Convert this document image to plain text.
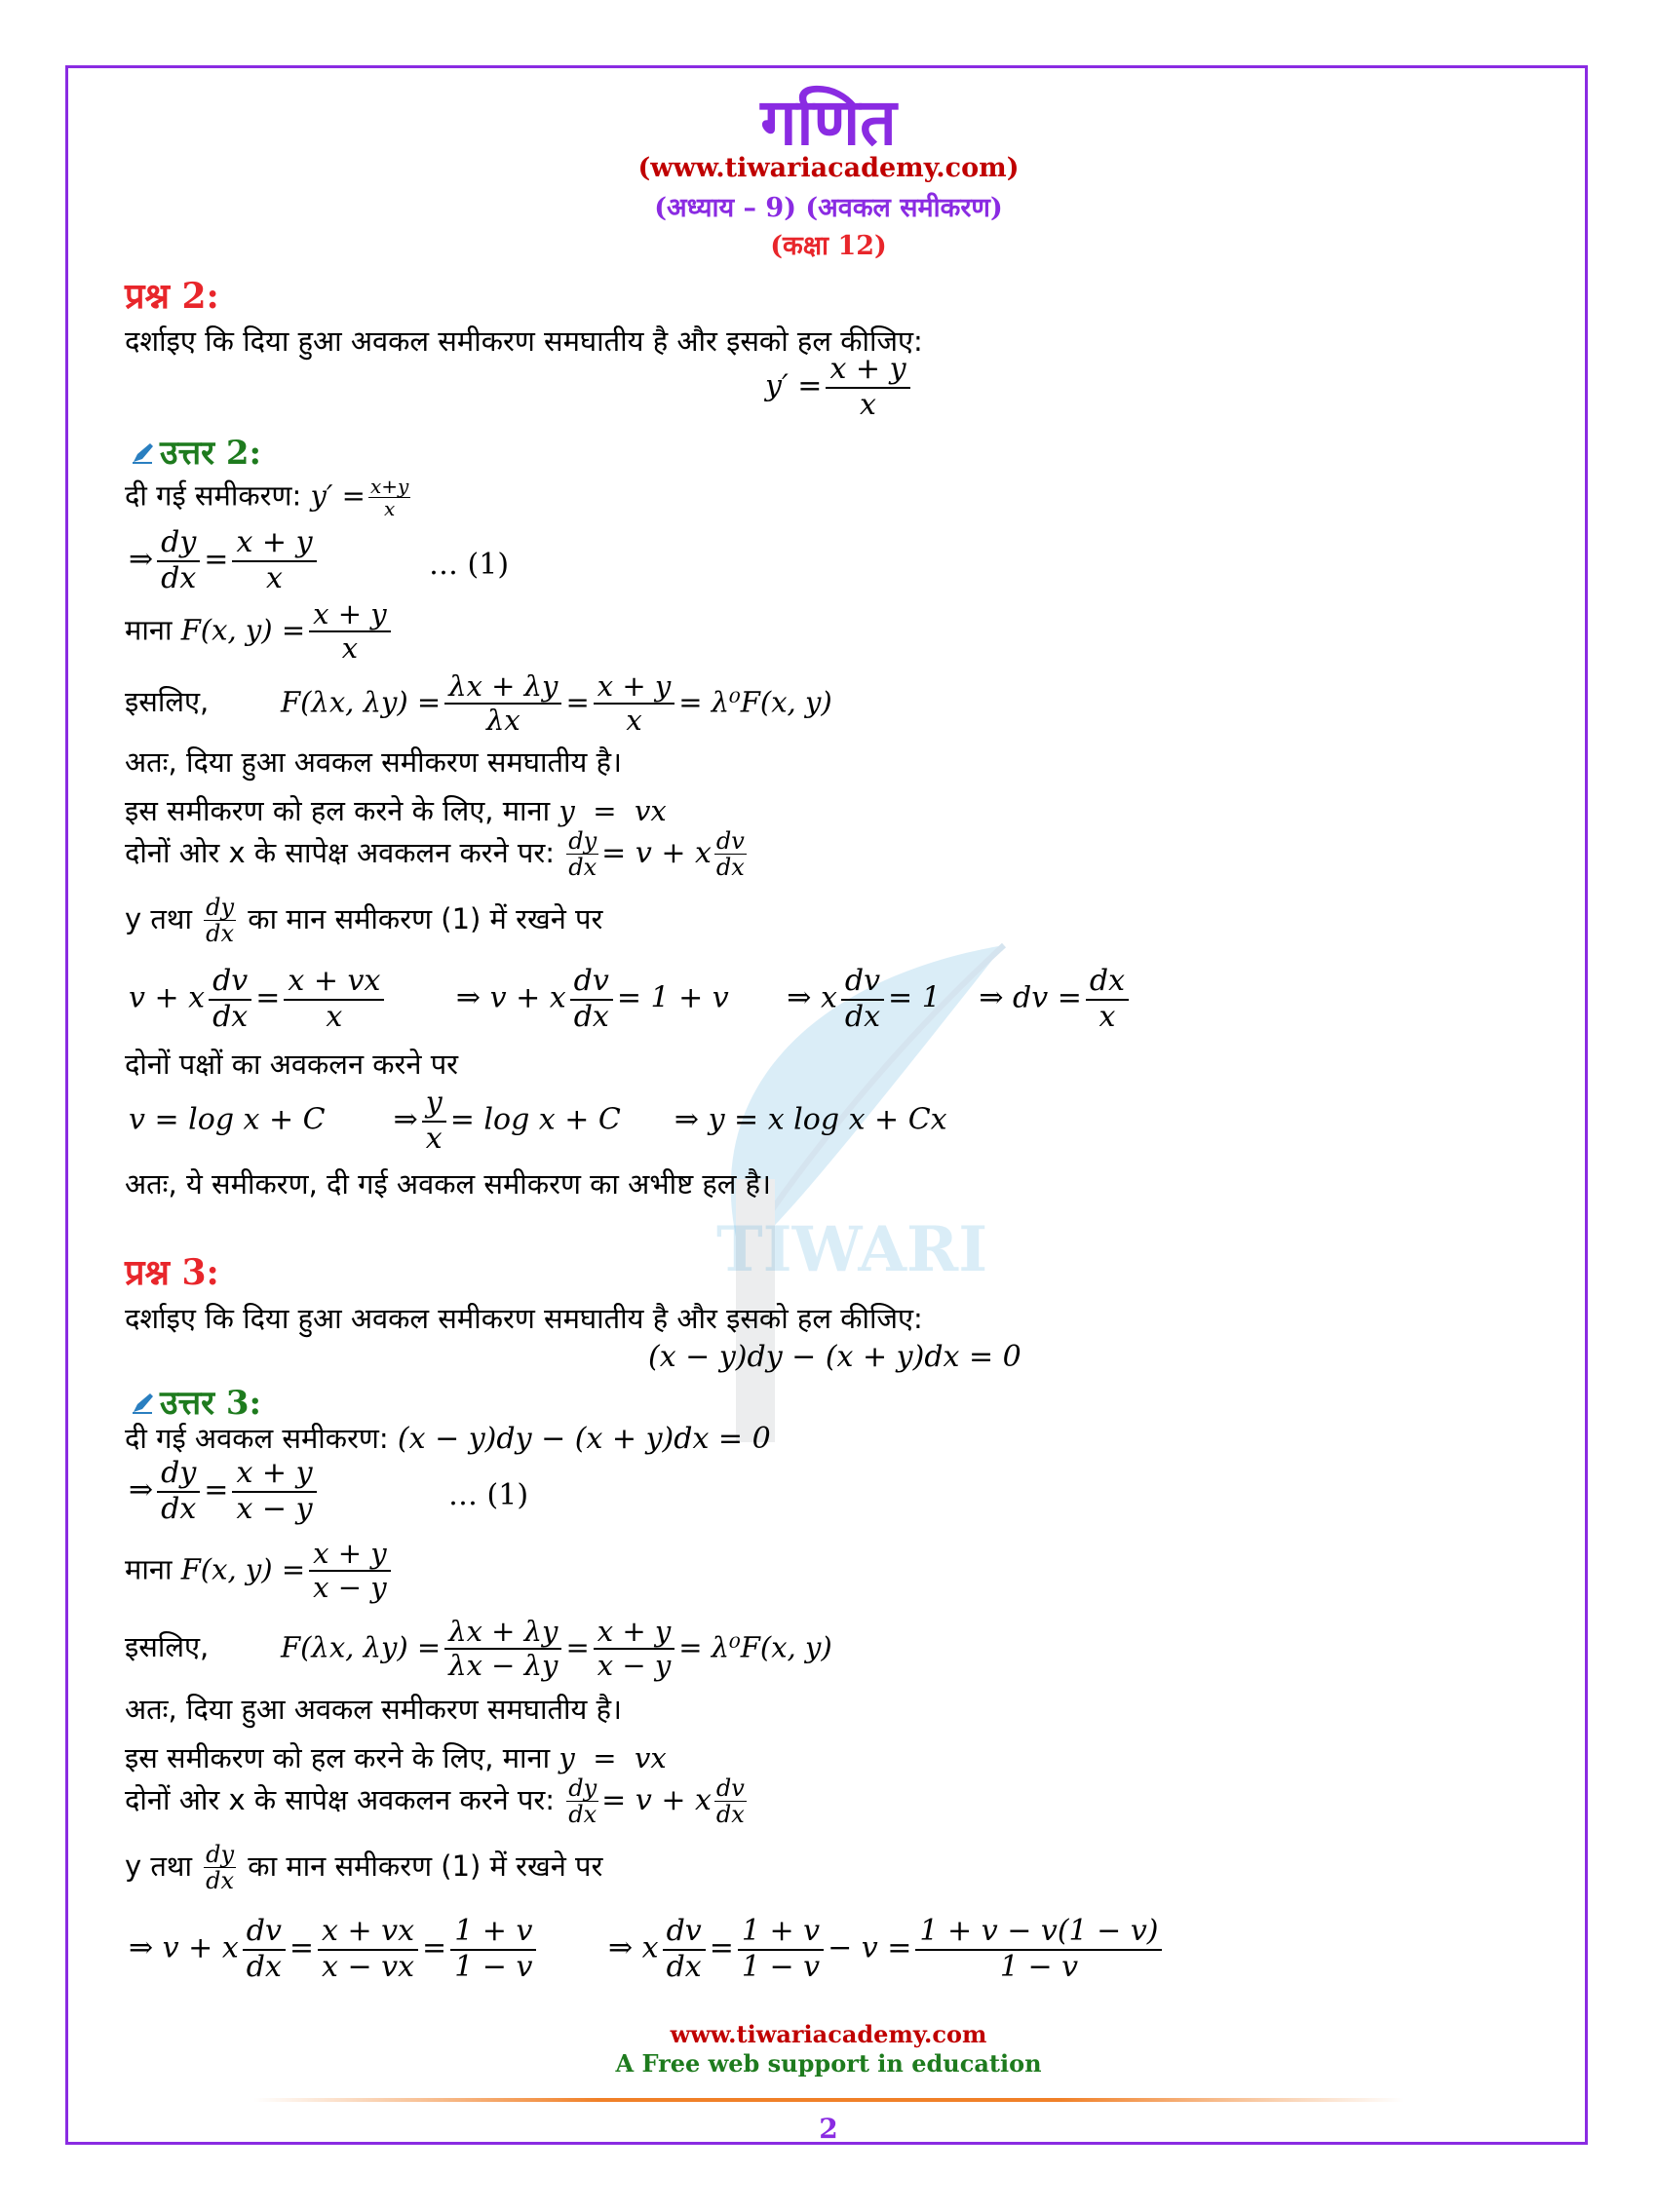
TIWARI
गणित
(www.tiwariacademy.com)
(अध्याय – 9) (अवकल समीकरण)
(कक्षा 12)
प्रश्न 2:
दर्शाइए कि दिया हुआ अवकल समीकरण समघातीय है और इसको हल कीजिए:
$y' = \frac{x + y}{x}$
उत्तर 2:
दी गई समीकरण: $y' = \frac{x+y}{x}$
⇒ $\frac{dy}{dx} = \frac{x + y}{x}$	… (1)
माना F(x, $y) = \frac{x + y}{x}$
इसलिए,	F(λx, $\lambda y) = \frac{\lambda x + \lambda y}{\lambda x} = \frac{x + y}{x} = \lambda^0F(x$, y)
अतः, दिया हुआ अवकल समीकरण समघातीय है।
इस समीकरण को हल करने के लिए, माना y  =  vx
दोनों ओर x के सापेक्ष अवकलन करने पर: $\frac{dy}{dx} = v + x \frac{dv}{dx}$
y तथा $\frac{dy}{dx}$ का मान समीकरण (1) में रखने पर
v + x $\frac{dv}{dx} = \frac{x + vx}{x}$ ⇒ v + x $\frac{dv}{dx} = 1 + v$ ⇒ x $\frac{dv}{dx} = 1$ ⇒ dv = $\frac{dx}{x}$
दोनों पक्षों का अवकलन करने पर
v = log x + C ⇒ $\frac{y}{x} = \log x + C$ ⇒ y = x log x + Cx
अतः, ये समीकरण, दी गई अवकल समीकरण का अभीष्ट हल है।
प्रश्न 3:
दर्शाइए कि दिया हुआ अवकल समीकरण समघातीय है और इसको हल कीजिए:
(x − y)dy − (x + y)dx = 0
उत्तर 3:
दी गई अवकल समीकरण: (x − y)dy − (x + y)dx = 0
⇒ $\frac{dy}{dx} = \frac{x + y}{x - y}$	… (1)
माना F(x, $y) = \frac{x + y}{x - y}$
इसलिए,	F(λx, $\lambda y) = \frac{\lambda x + \lambda y}{\lambda x - \lambda y} = \frac{x + y}{x - y} = \lambda^0F(x$, y)
अतः, दिया हुआ अवकल समीकरण समघातीय है।
इस समीकरण को हल करने के लिए, माना y  =  vx
दोनों ओर x के सापेक्ष अवकलन करने पर: $\frac{dy}{dx} = v + x \frac{dv}{dx}$
y तथा $\frac{dy}{dx}$ का मान समीकरण (1) में रखने पर
⇒ v + x $\frac{dv}{dx} = \frac{x + vx}{x - vx} = \frac{1 + v}{1 - v}$ ⇒ x $\frac{dv}{dx} = \frac{1 + v}{1 - v} - v = \frac{1 + v - v(1 - v)}{1 - v}$
www.tiwariacademy.com
A Free web support in education
2
